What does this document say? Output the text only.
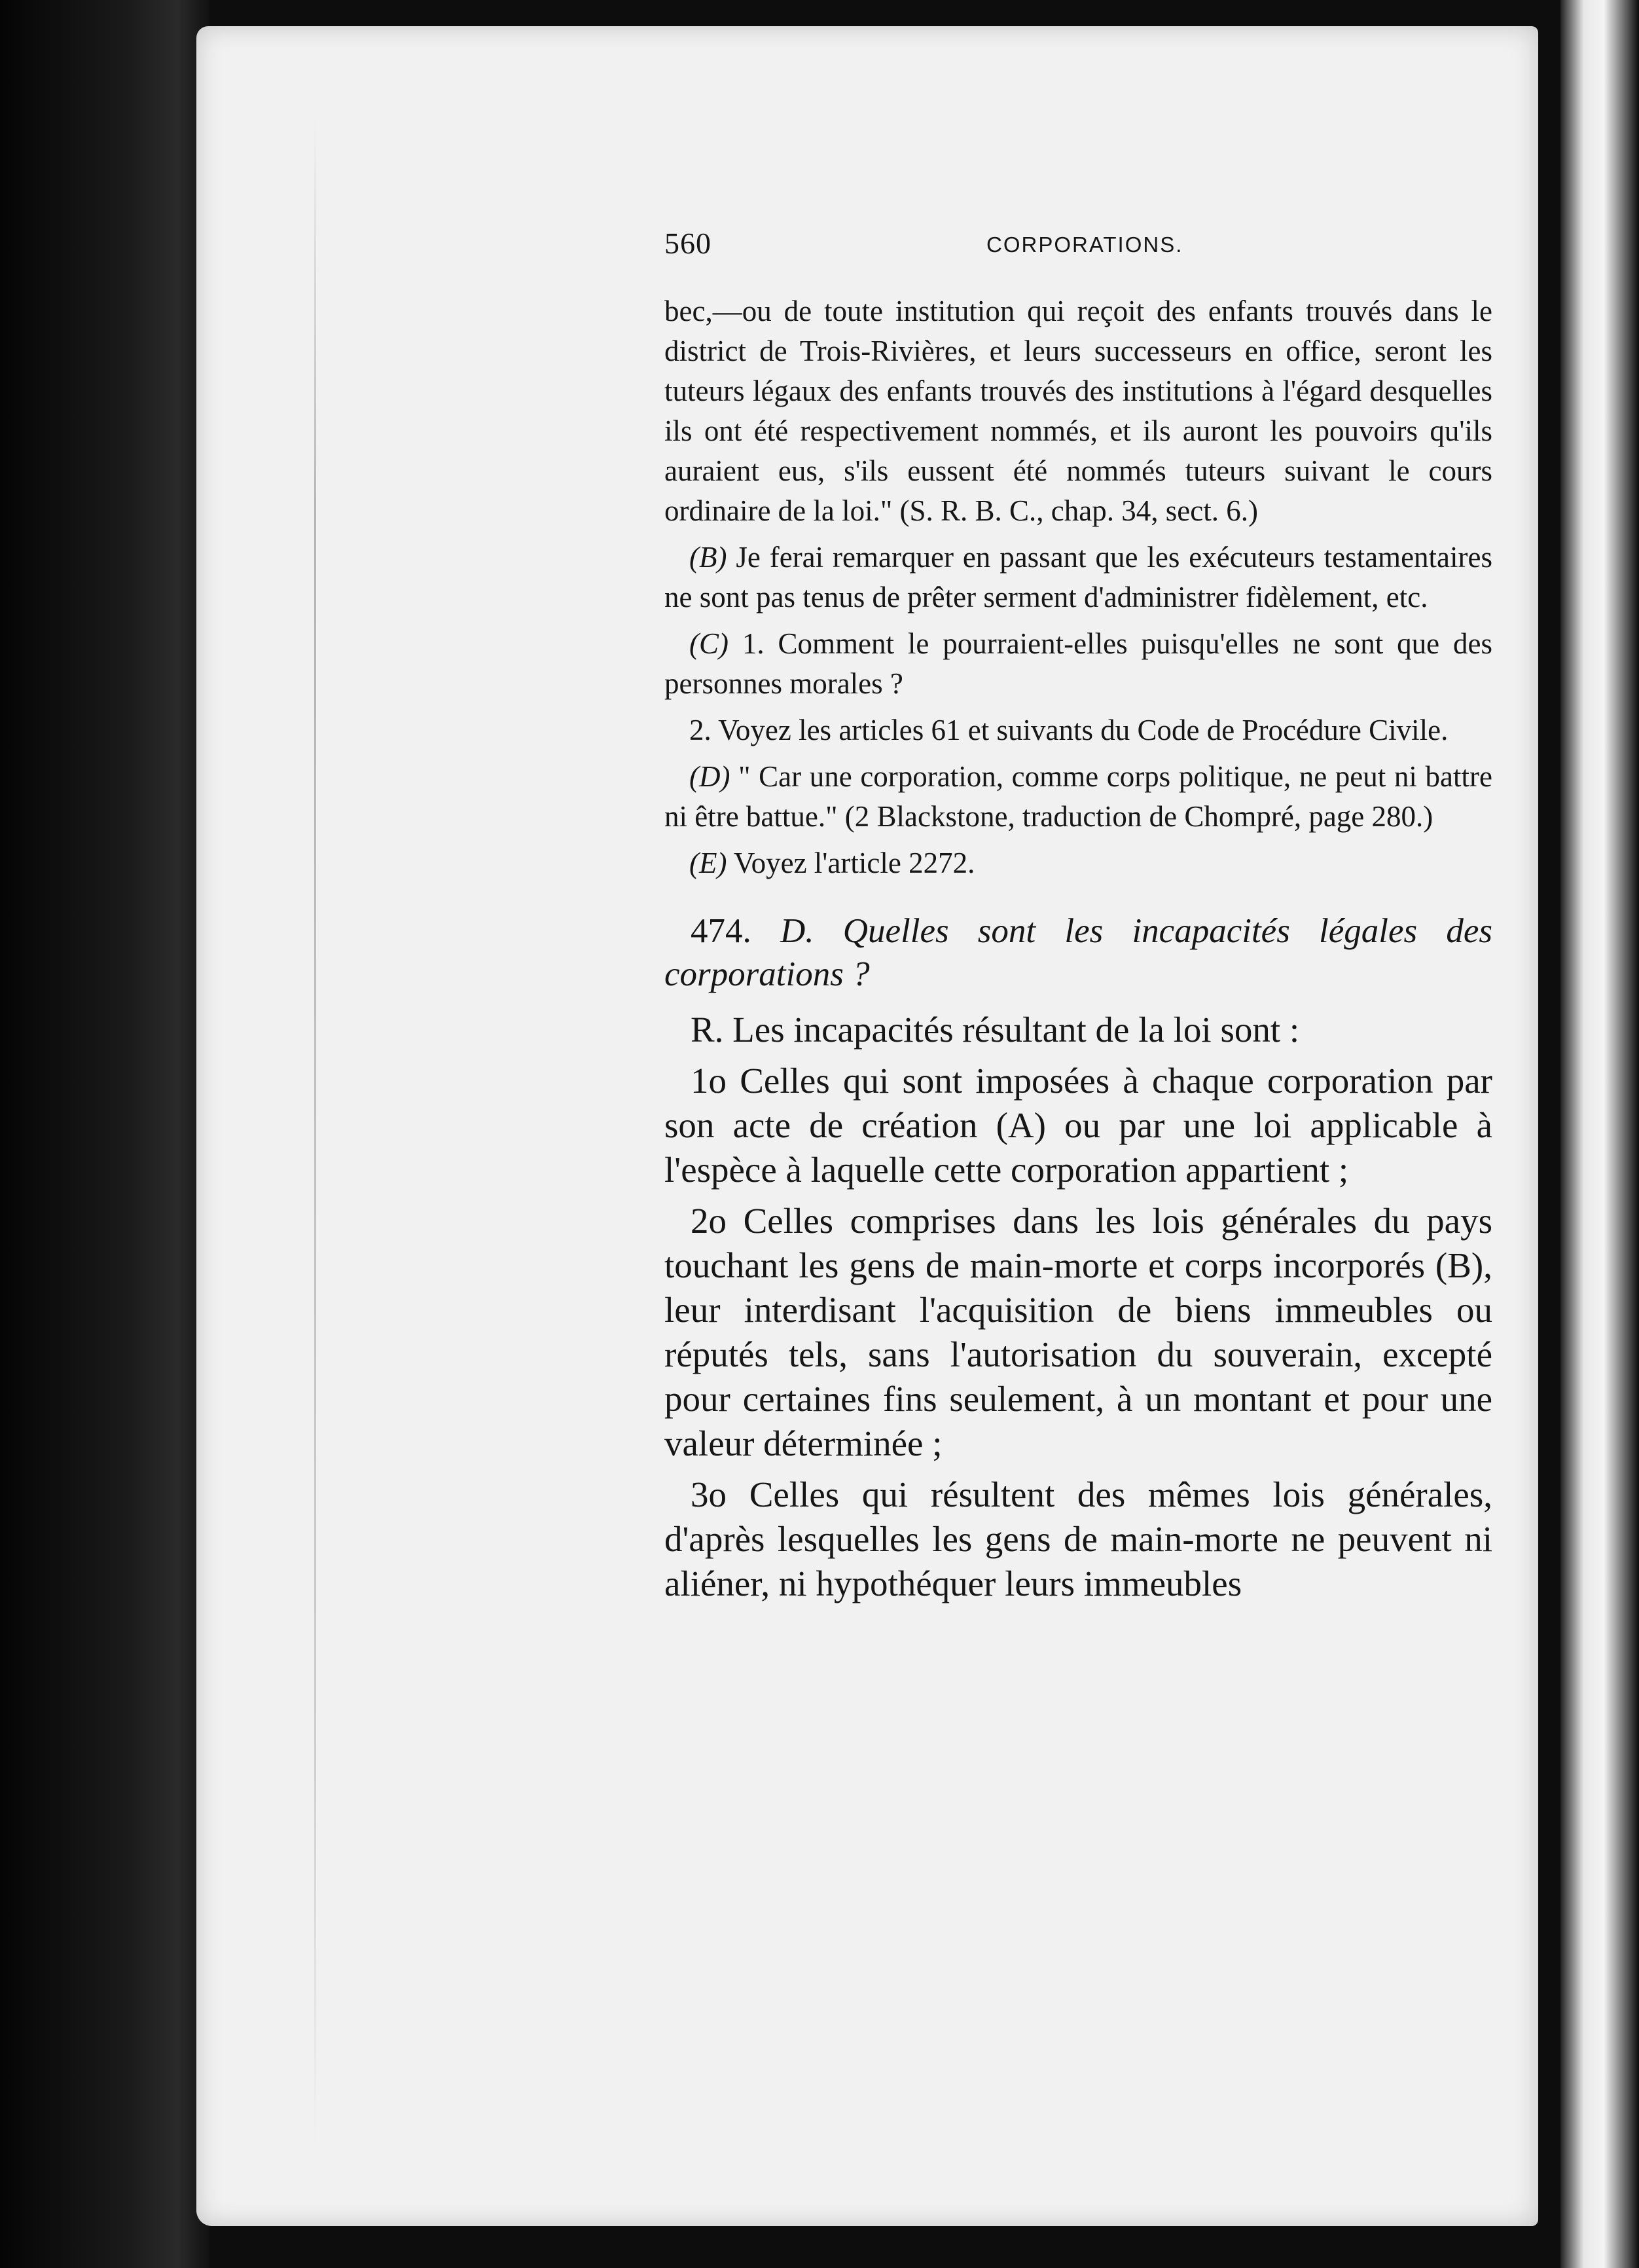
560	CORPORATIONS.

bec,—ou de toute institution qui reçoit des enfants trouvés dans le district de Trois-Rivières, et leurs successeurs en office, seront les tuteurs légaux des enfants trouvés des institutions à l'égard desquelles ils ont été respectivement nommés, et ils auront les pouvoirs qu'ils auraient eus, s'ils eussent été nommés tuteurs suivant le cours ordinaire de la loi." (S. R. B. C., chap. 34, sect. 6.)

(B) Je ferai remarquer en passant que les exécuteurs testamentaires ne sont pas tenus de prêter serment d'administrer fidèlement, etc.

(C) 1. Comment le pourraient-elles puisqu'elles ne sont que des personnes morales ?

2. Voyez les articles 61 et suivants du Code de Procédure Civile.

(D) " Car une corporation, comme corps politique, ne peut ni battre ni être battue." (2 Blackstone, traduction de Chompré, page 280.)

(E) Voyez l'article 2272.

474. D. Quelles sont les incapacités légales des corporations ?

R. Les incapacités résultant de la loi sont :

1o Celles qui sont imposées à chaque corporation par son acte de création (A) ou par une loi applicable à l'espèce à laquelle cette corporation appartient ;

2o Celles comprises dans les lois générales du pays touchant les gens de main-morte et corps incorporés (B), leur interdisant l'acquisition de biens immeubles ou réputés tels, sans l'autorisation du souverain, excepté pour certaines fins seulement, à un montant et pour une valeur déterminée ;

3o Celles qui résultent des mêmes lois générales, d'après lesquelles les gens de main-morte ne peuvent ni aliéner, ni hypothéquer leurs immeubles
